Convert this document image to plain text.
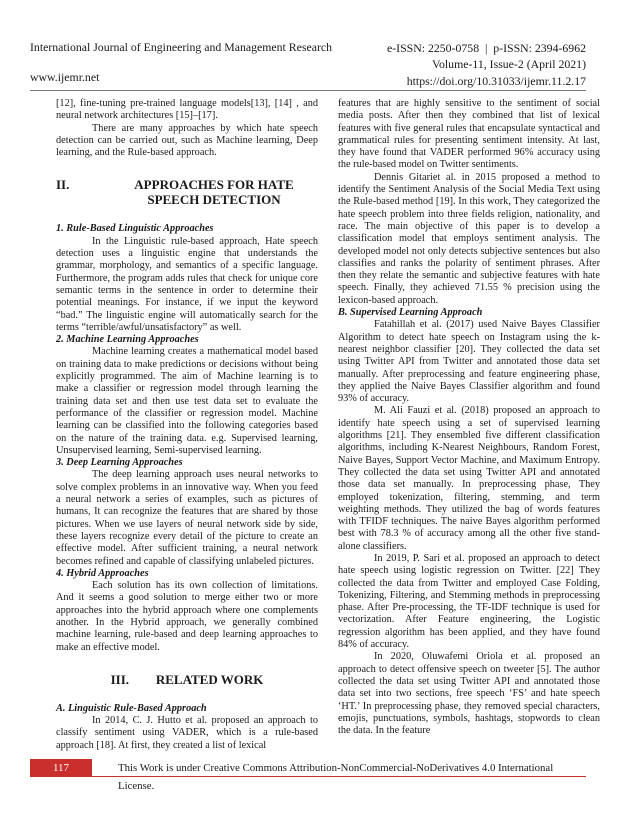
International Journal of Engineering and Management Research	e-ISSN: 2250-0758  |  p-ISSN: 2394-6962
Volume-11, Issue-2 (April 2021)
https://doi.org/10.31033/ijemr.11.2.17
www.ijemr.net

[12], fine-tuning pre-trained language models[13], [14] , and neural network architectures [15]–[17].

There are many approaches by which hate speech detection can be carried out, such as Machine learning, Deep learning, and the Rule-based approach.

II.	APPROACHES FOR HATE SPEECH DETECTION

1. Rule-Based Linguistic Approaches

In the Linguistic rule-based approach, Hate speech detection uses a linguistic engine that understands the grammar, morphology, and semantics of a specific language. Furthermore, the program adds rules that check for unique core semantic terms in the sentence in order to determine their potential meanings. For instance, if we input the keyword “bad.” The linguistic engine will automatically search for the terms “terrible/awful/unsatisfactory” as well.

2. Machine Learning Approaches

Machine learning creates a mathematical model based on training data to make predictions or decisions without being explicitly programmed. The aim of Machine learning is to make a classifier or regression model through learning the training data set and then use test data set to evaluate the performance of the classifier or regression model. Machine learning can be classified into the following categories based on the nature of the training data. e.g. Supervised learning, Unsupervised learning, Semi-supervised learning.

3. Deep Learning Approaches

The deep learning approach uses neural networks to solve complex problems in an innovative way. When you feed a neural network a series of examples, such as pictures of humans, It can recognize the features that are shared by those pictures. When we use layers of neural network side by side, these layers recognize every detail of the picture to create an effective model. After sufficient training, a neural network becomes refined and capable of classifying unlabeled pictures.

4. Hybrid Approaches

Each solution has its own collection of limitations. And it seems a good solution to merge either two or more approaches into the hybrid approach where one complements another. In the Hybrid approach, we generally combined machine learning, rule-based and deep learning approaches to make an effective model.

III. RELATED WORK

A. Linguistic Rule-Based Approach

In 2014, C. J. Hutto et al. proposed an approach to classify sentiment using VADER, which is a rule-based approach [18]. At first, they created a list of lexical

features that are highly sensitive to the sentiment of social media posts. After then they combined that list of lexical features with five general rules that encapsulate syntactical and grammatical rules for presenting sentiment intensity. At last, they have found that VADER performed 96% accuracy using the rule-based model on Twitter sentiments.

Dennis Gitariet al. in 2015 proposed a method to identify the Sentiment Analysis of the Social Media Text using the Rule-based method [19]. In this work, They categorized the hate speech problem into three fields religion, nationality, and race. The main objective of this paper is to develop a classification model that employs sentiment analysis. The developed model not only detects subjective sentences but also classifies and ranks the polarity of sentiment phrases. After then they relate the semantic and subjective features with hate speech. Finally, they achieved 71.55 % precision using the lexicon-based approach.

B. Supervised Learning Approach

Fatahillah et al. (2017) used Naive Bayes Classifier Algorithm to detect hate speech on Instagram using the k-nearest neighbor classifier [20]. They collected the data set using Twitter API from Twitter and annotated those data set manually. After preprocessing and feature engineering phase, they applied the Naive Bayes Classifier algorithm and found 93% of accuracy.

M. Ali Fauzi et al. (2018) proposed an approach to identify hate speech using a set of supervised learning algorithms [21]. They ensembled five different classification algorithms, including K-Nearest Neighbours, Random Forest, Naive Bayes, Support Vector Machine, and Maximum Entropy. They collected the data set using Twitter API and annotated those data set manually. In preprocessing phase, They employed tokenization, filtering, stemming, and term weighting methods. They utilized the bag of words features with TFIDF techniques. The naive Bayes algorithm performed best with 78.3 % of accuracy among all the other five stand-alone classifiers.

In 2019, P. Sari et al. proposed an approach to detect hate speech using logistic regression on Twitter. [22] They collected the data from Twitter and employed Case Folding, Tokenizing, Filtering, and Stemming methods in preprocessing phase. After Pre-processing, the TF-IDF technique is used for vectorization. After Feature engineering, the Logistic regression algorithm has been applied, and they have found 84% of accuracy.

In 2020, Oluwafemi Oriola et al. proposed an approach to detect offensive speech on tweeter [5]. The author collected the data set using Twitter API and annotated those data set into two sections, free speech ‘FS’ and hate speech ‘HT.’ In preprocessing phase, they removed special characters, emojis, punctuations, symbols, hashtags, stopwords to clean the data. In the feature

117	This Work is under Creative Commons Attribution-NonCommercial-NoDerivatives 4.0 International License.
